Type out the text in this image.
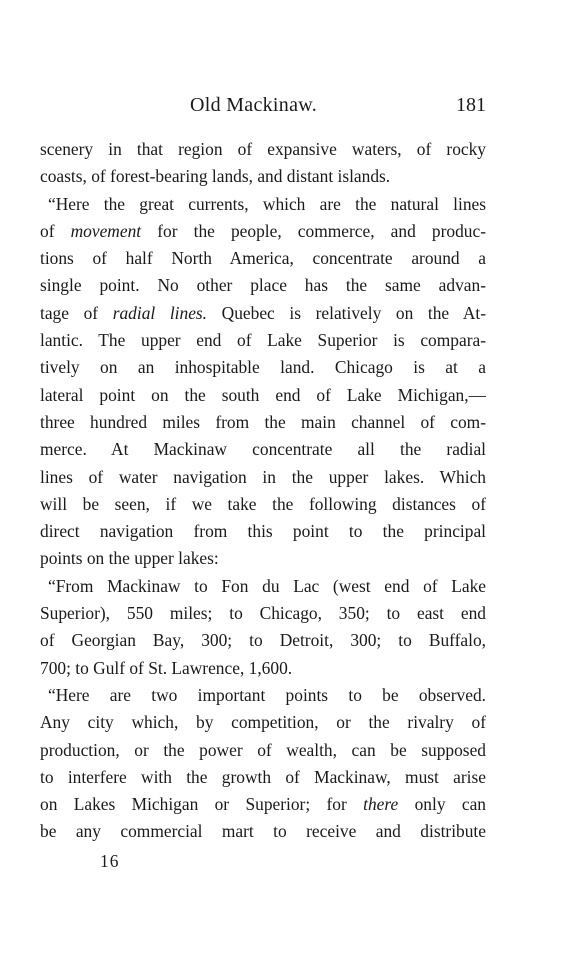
Old Mackinaw.	181
scenery in that region of expansive waters, of rocky
coasts, of forest-bearing lands, and distant islands.
“Here the great currents, which are the natural lines
of movement for the people, commerce, and produc-
tions of half North America, concentrate around a
single point. No other place has the same advan-
tage of radial lines. Quebec is relatively on the At-
lantic. The upper end of Lake Superior is compara-
tively on an inhospitable land. Chicago is at a
lateral point on the south end of Lake Michigan,—
three hundred miles from the main channel of com-
merce. At Mackinaw concentrate all the radial
lines of water navigation in the upper lakes. Which
will be seen, if we take the following distances of
direct navigation from this point to the principal
points on the upper lakes:
“From Mackinaw to Fon du Lac (west end of Lake
Superior), 550 miles; to Chicago, 350; to east end
of Georgian Bay, 300; to Detroit, 300; to Buffalo,
700; to Gulf of St. Lawrence, 1,600.
“Here are two important points to be observed.
Any city which, by competition, or the rivalry of
production, or the power of wealth, can be supposed
to interfere with the growth of Mackinaw, must arise
on Lakes Michigan or Superior; for there only can
be any commercial mart to receive and distribute
16
